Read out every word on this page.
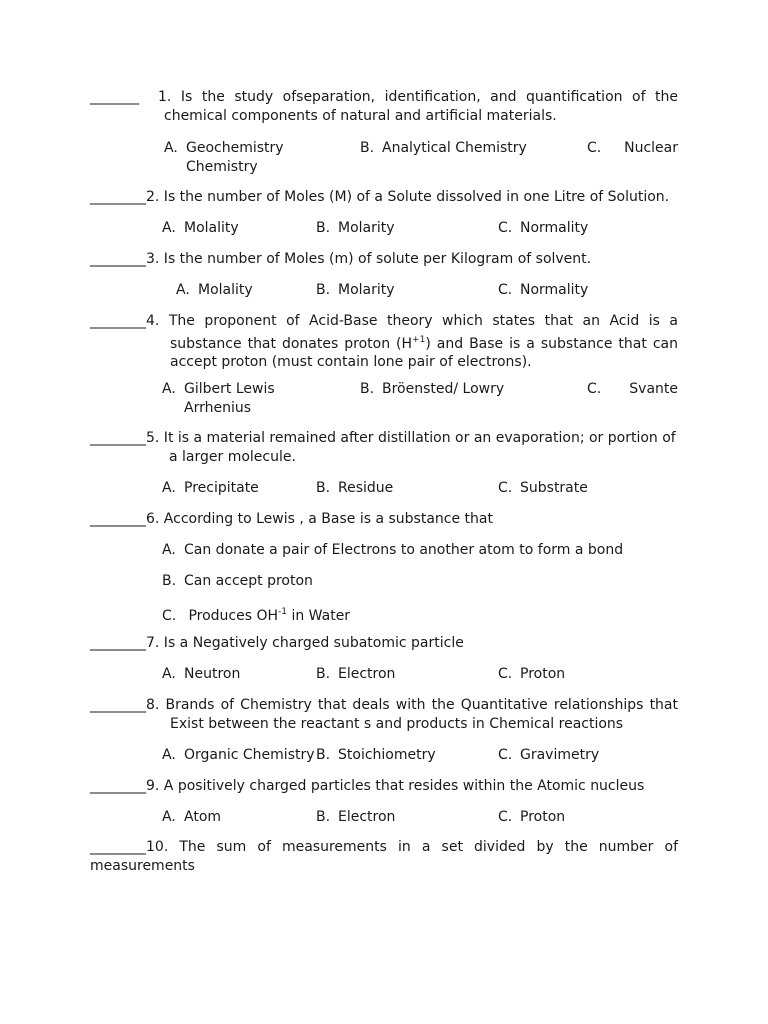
_______  1. Is the study ofseparation, identification, and quantification of the
chemical components of natural and artificial materials.
A. Geochemistry
Chemistry
B. Analytical Chemistry	C. Nuclear
________2. Is the number of Moles (M) of a Solute dissolved in one Litre of Solution.
A. Molality	B. Molarity	C. Normality
________3. Is the number of Moles (m) of solute per Kilogram of solvent.
A. Molality	B. Molarity	C. Normality
________4. The proponent of Acid-Base theory which states that an Acid is a
substance that donates proton $(H^{+1})$ and Base is a substance that can
accept proton (must contain lone pair of electrons).
A. Gilbert Lewis
Arrhenius
B. Bröensted/ Lowry	C. Svante
________5. It is a material remained after distillation or an evaporation; or portion of
a larger molecule.
A. Precipitate	B. Residue	C. Substrate
________6. According to Lewis , a Base is a substance that
A. Can donate a pair of Electrons to another atom to form a bond
B. Can accept proton
C. Produces $OH^{-1}$ in Water
________7. Is a Negatively charged subatomic particle
A. Neutron	B. Electron	C. Proton
________8. Brands of Chemistry that deals with the Quantitative relationships that
Exist between the reactant s and products in Chemical reactions
A. Organic Chemistry B. Stoichiometry	C. Gravimetry
________9. A positively charged particles that resides within the Atomic nucleus
A. Atom	B. Electron	C. Proton
________10. The sum of measurements in a set divided by the number of
measurements
